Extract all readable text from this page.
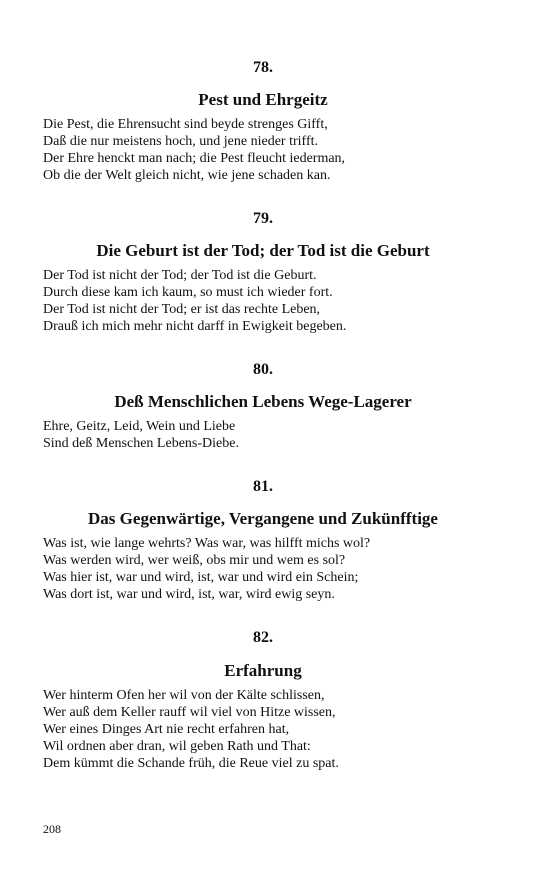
78.
Pest und Ehrgeitz
Die Pest, die Ehrensucht sind beyde strenges Gifft,
Daß die nur meistens hoch, und jene nieder trifft.
Der Ehre henckt man nach; die Pest fleucht iederman,
Ob die der Welt gleich nicht, wie jene schaden kan.
79.
Die Geburt ist der Tod; der Tod ist die Geburt
Der Tod ist nicht der Tod; der Tod ist die Geburt.
Durch diese kam ich kaum, so must ich wieder fort.
Der Tod ist nicht der Tod; er ist das rechte Leben,
Drauß ich mich mehr nicht darff in Ewigkeit begeben.
80.
Deß Menschlichen Lebens Wege-Lagerer
Ehre, Geitz, Leid, Wein und Liebe
Sind deß Menschen Lebens-Diebe.
81.
Das Gegenwärtige, Vergangene und Zukünfftige
Was ist, wie lange wehrts? Was war, was hilfft michs wol?
Was werden wird, wer weiß, obs mir und wem es sol?
Was hier ist, war und wird, ist, war und wird ein Schein;
Was dort ist, war und wird, ist, war, wird ewig seyn.
82.
Erfahrung
Wer hinterm Ofen her wil von der Kälte schlissen,
Wer auß dem Keller rauff wil viel von Hitze wissen,
Wer eines Dinges Art nie recht erfahren hat,
Wil ordnen aber dran, wil geben Rath und That:
Dem kümmt die Schande früh, die Reue viel zu spat.
208
